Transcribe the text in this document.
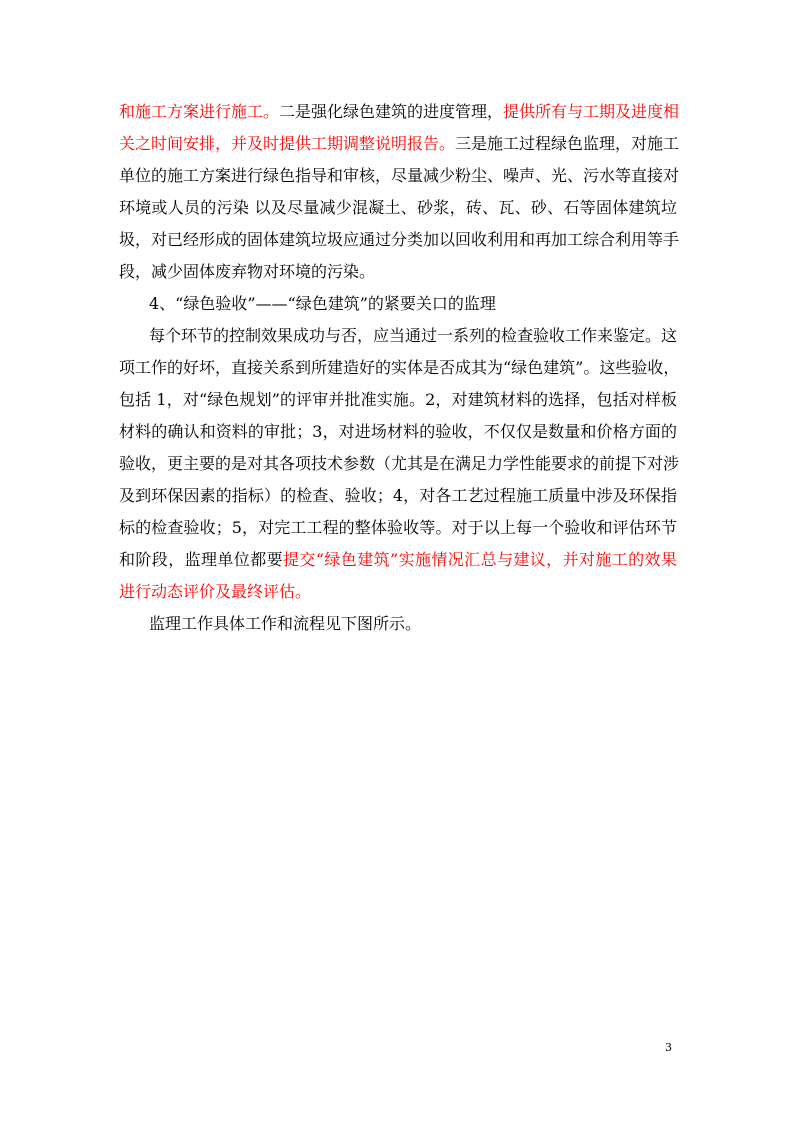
和施工方案进行施工。二是强化绿色建筑的进度管理，提供所有与工期及进度相
关之时间安排，并及时提供工期调整说明报告。三是施工过程绿色监理，对施工
单位的施工方案进行绿色指导和审核，尽量减少粉尘、噪声、光、污水等直接对
环境或人员的污染 以及尽量减少混凝土、砂浆，砖、瓦、砂、石等固体建筑垃
圾，对已经形成的固体建筑垃圾应通过分类加以回收利用和再加工综合利用等手
段，减少固体废弃物对环境的污染。
4、“绿色验收”——“绿色建筑”的紧要关口的监理
每个环节的控制效果成功与否，应当通过一系列的检查验收工作来鉴定。这
项工作的好坏，直接关系到所建造好的实体是否成其为“绿色建筑”。这些验收，
包括 1，对“绿色规划”的评审并批准实施。2，对建筑材料的选择，包括对样板
材料的确认和资料的审批；3，对进场材料的验收，不仅仅是数量和价格方面的
验收，更主要的是对其各项技术参数（尤其是在满足力学性能要求的前提下对涉
及到环保因素的指标）的检查、验收；4，对各工艺过程施工质量中涉及环保指
标的检查验收；5，对完工工程的整体验收等。对于以上每一个验收和评估环节
和阶段，监理单位都要提交“绿色建筑”实施情况汇总与建议，并对施工的效果
进行动态评价及最终评估。
监理工作具体工作和流程见下图所示。
3
